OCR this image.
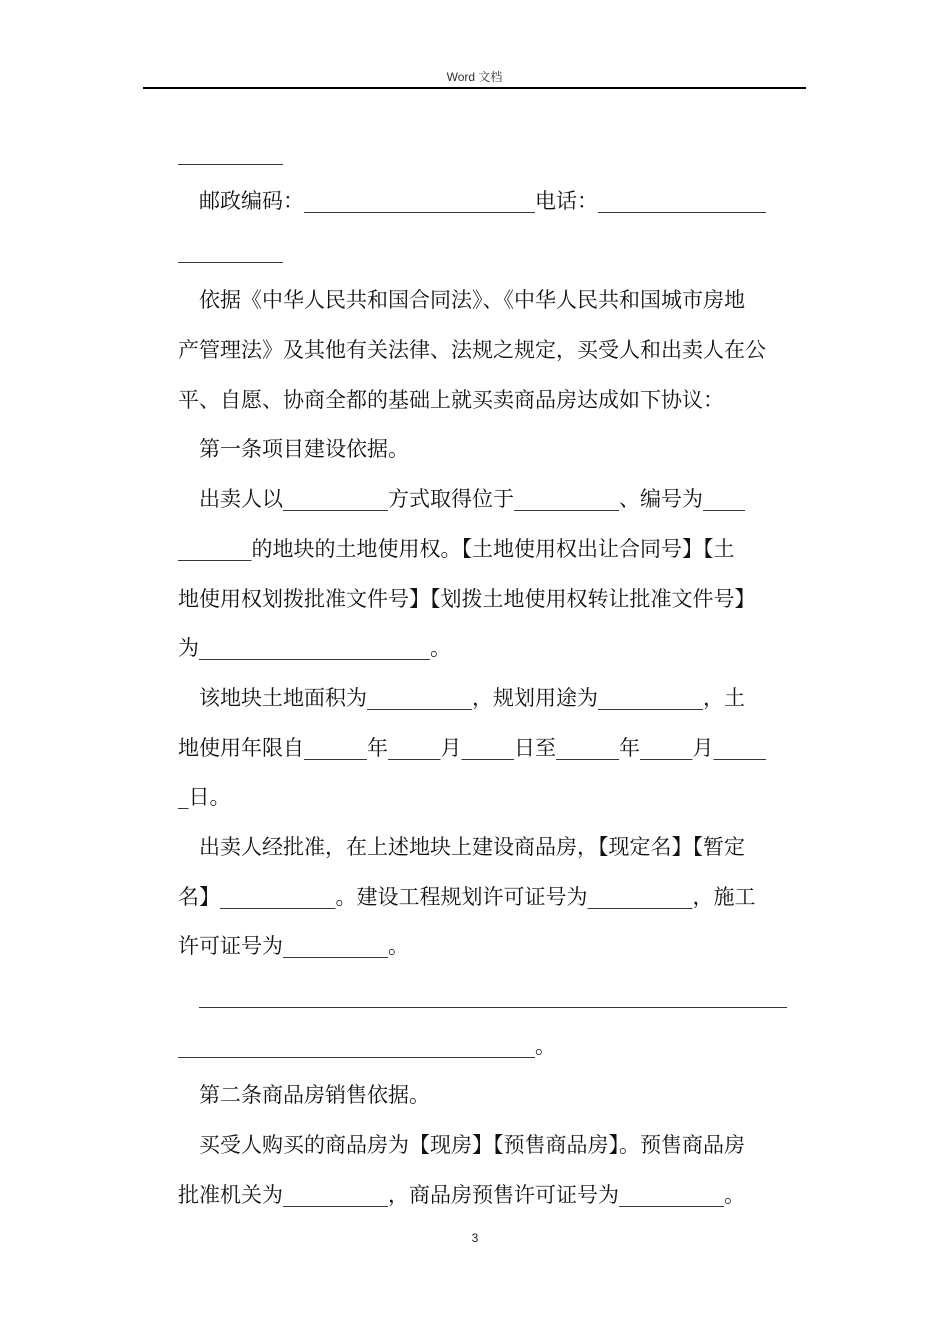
Word 文档
__________
邮政编码：______________________电话：________________
__________
依据《中华人民共和国合同法》、《中华人民共和国城市房地
产管理法》及其他有关法律、法规之规定，买受人和出卖人在公
平、自愿、协商全都的基础上就买卖商品房达成如下协议：
第一条项目建设依据。
出卖人以__________方式取得位于__________、编号为____
_______的地块的土地使用权。【土地使用权出让合同号】【土
地使用权划拨批准文件号】【划拨土地使用权转让批准文件号】
为______________________。
该地块土地面积为__________，规划用途为__________，土
地使用年限自______年_____月_____日至______年_____月_____
_日。
出卖人经批准，在上述地块上建设商品房，【现定名】【暂定
名】___________。建设工程规划许可证号为__________，施工
许可证号为__________。
________________________________________________________
__________________________________。
第二条商品房销售依据。
买受人购买的商品房为【现房】【预售商品房】。预售商品房
批准机关为__________，商品房预售许可证号为__________。
3
